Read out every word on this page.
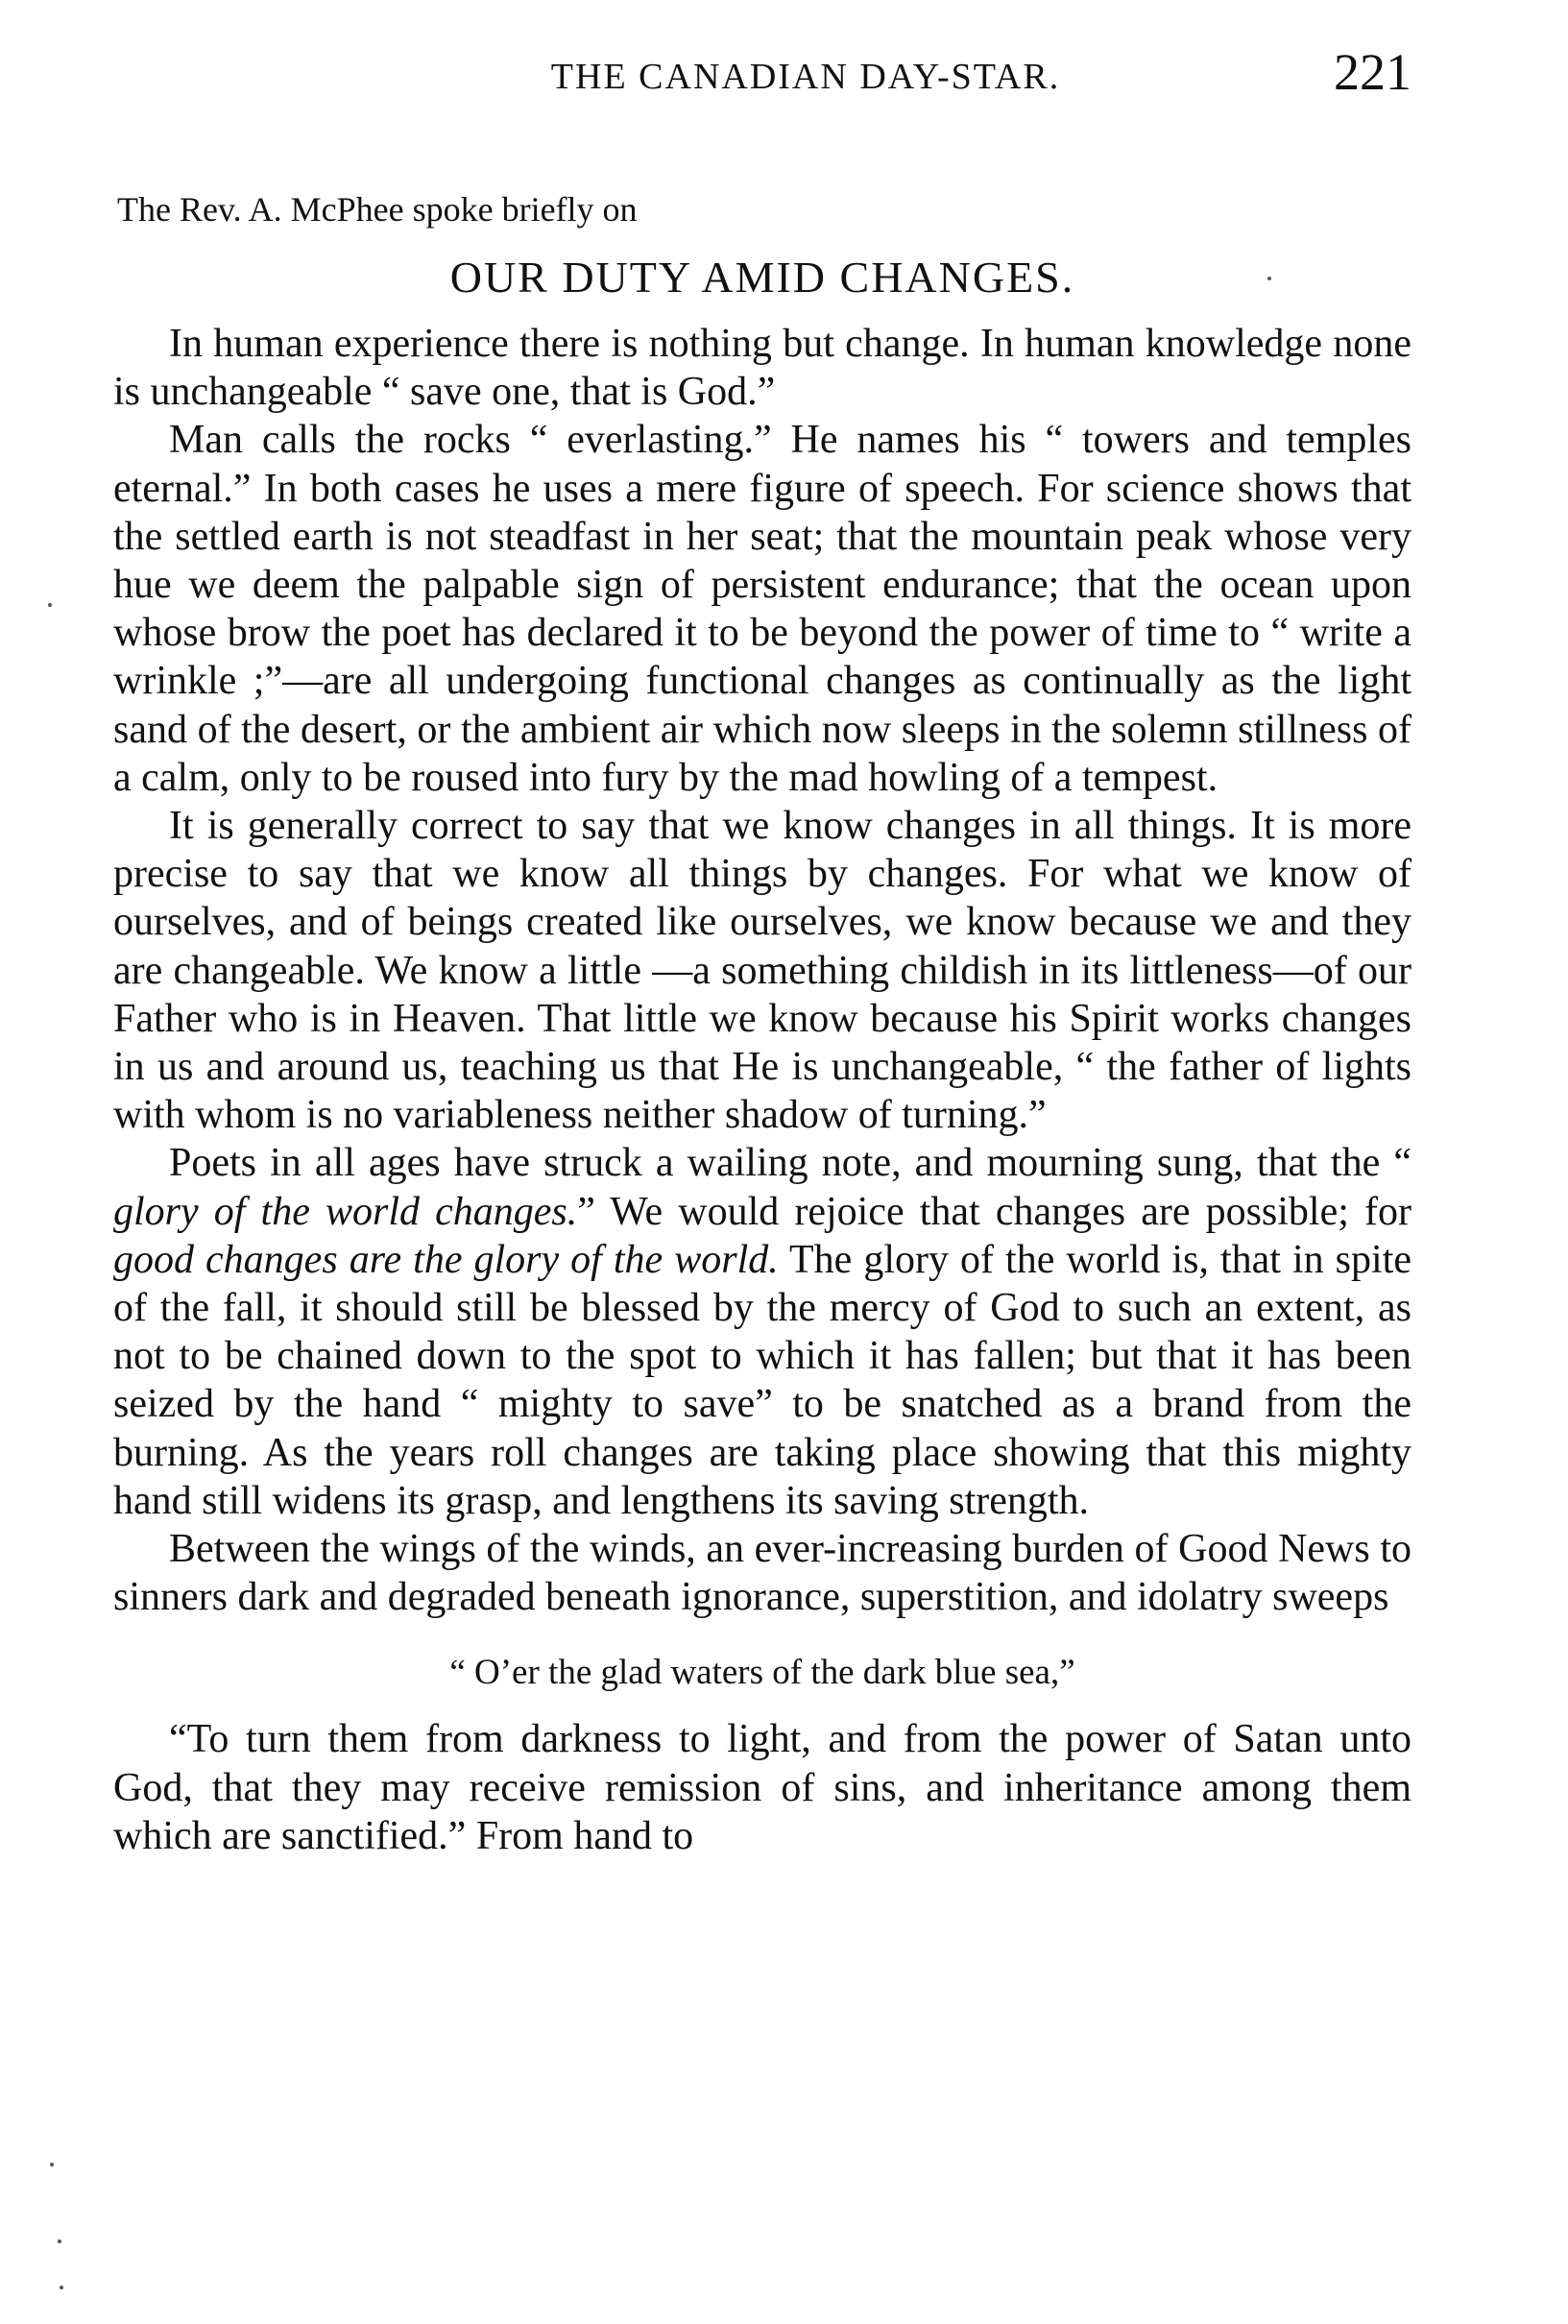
THE CANADIAN DAY-STAR.	221
The Rev. A. McPhee spoke briefly on
OUR DUTY AMID CHANGES.

In human experience there is nothing but change. In human knowledge none is unchangeable “ save one, that is God.”

Man calls the rocks “ everlasting.” He names his “ towers and temples eternal.” In both cases he uses a mere figure of speech. For science shows that the settled earth is not steadfast in her seat; that the mountain peak whose very hue we deem the palpable sign of persistent endurance; that the ocean upon whose brow the poet has declared it to be beyond the power of time to “ write a wrinkle ;”—are all undergoing functional changes as continually as the light sand of the desert, or the ambient air which now sleeps in the solemn stillness of a calm, only to be roused into fury by the mad howling of a tempest.

It is generally correct to say that we know changes in all things. It is more precise to say that we know all things by changes. For what we know of ourselves, and of beings created like ourselves, we know because we and they are changeable. We know a little —a something childish in its littleness—of our Father who is in Heaven. That little we know because his Spirit works changes in us and around us, teaching us that He is unchangeable, “ the father of lights with whom is no variableness neither shadow of turning.”

Poets in all ages have struck a wailing note, and mourning sung, that the “ glory of the world changes.” We would rejoice that changes are possible; for good changes are the glory of the world. The glory of the world is, that in spite of the fall, it should still be blessed by the mercy of God to such an extent, as not to be chained down to the spot to which it has fallen; but that it has been seized by the hand “ mighty to save” to be snatched as a brand from the burning. As the years roll changes are taking place showing that this mighty hand still widens its grasp, and lengthens its saving strength.

Between the wings of the winds, an ever-increasing burden of Good News to sinners dark and degraded beneath ignorance, superstition, and idolatry sweeps

“ O’er the glad waters of the dark blue sea,”

“To turn them from darkness to light, and from the power of Satan unto God, that they may receive remission of sins, and inheritance among them which are sanctified.” From hand to
